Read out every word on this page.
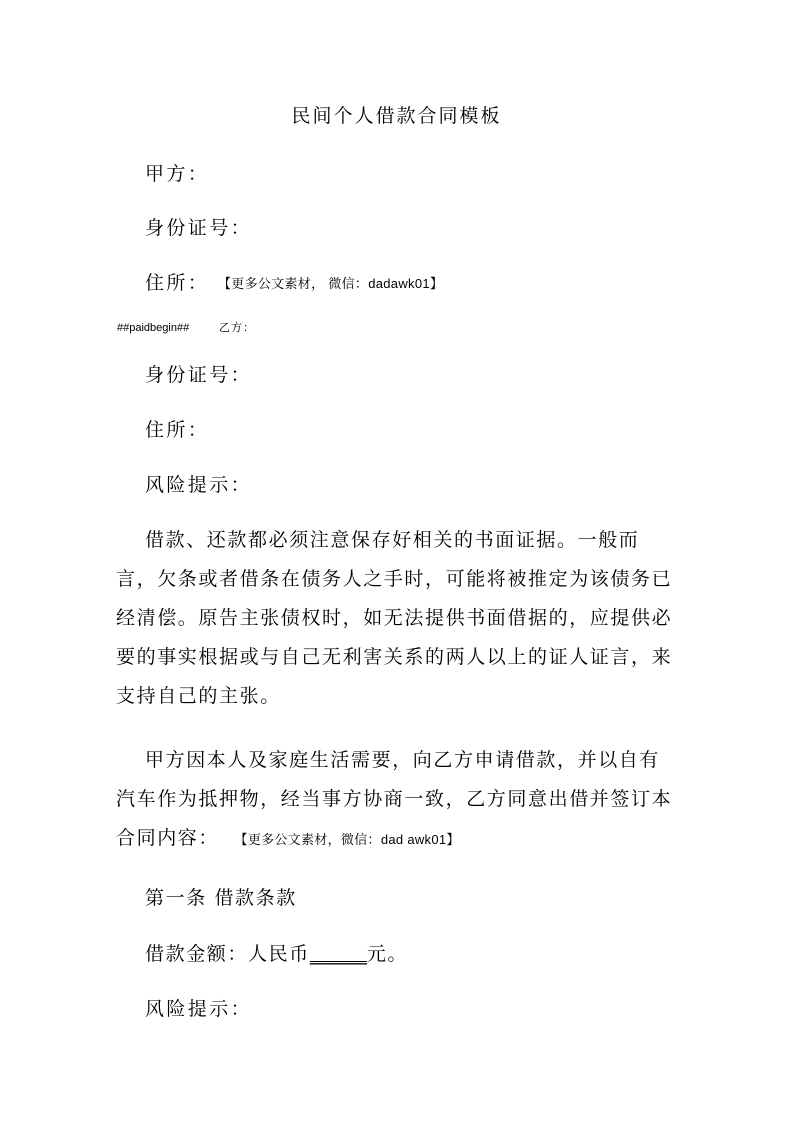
民间个人借款合同模板
甲方：
身份证号：
住所： 【更多公文素材， 微信：dadawk01】
##paidbegin##	乙方：
身份证号：
住所：
风险提示：

借款、还款都必须注意保存好相关的书面证据。一般而言，欠条或者借条在债务人之手时，可能将被推定为该债务已经清偿。原告主张债权时，如无法提供书面借据的，应提供必要的事实根据或与自己无利害关系的两人以上的证人证言，来支持自己的主张。

甲方因本人及家庭生活需要，向乙方申请借款，并以自有汽车作为抵押物，经当事方协商一致，乙方同意出借并签订本合同内容： 【更多公文素材，微信：dad awk01】

第一条 借款条款
借款金额：人民币______元。
风险提示：
